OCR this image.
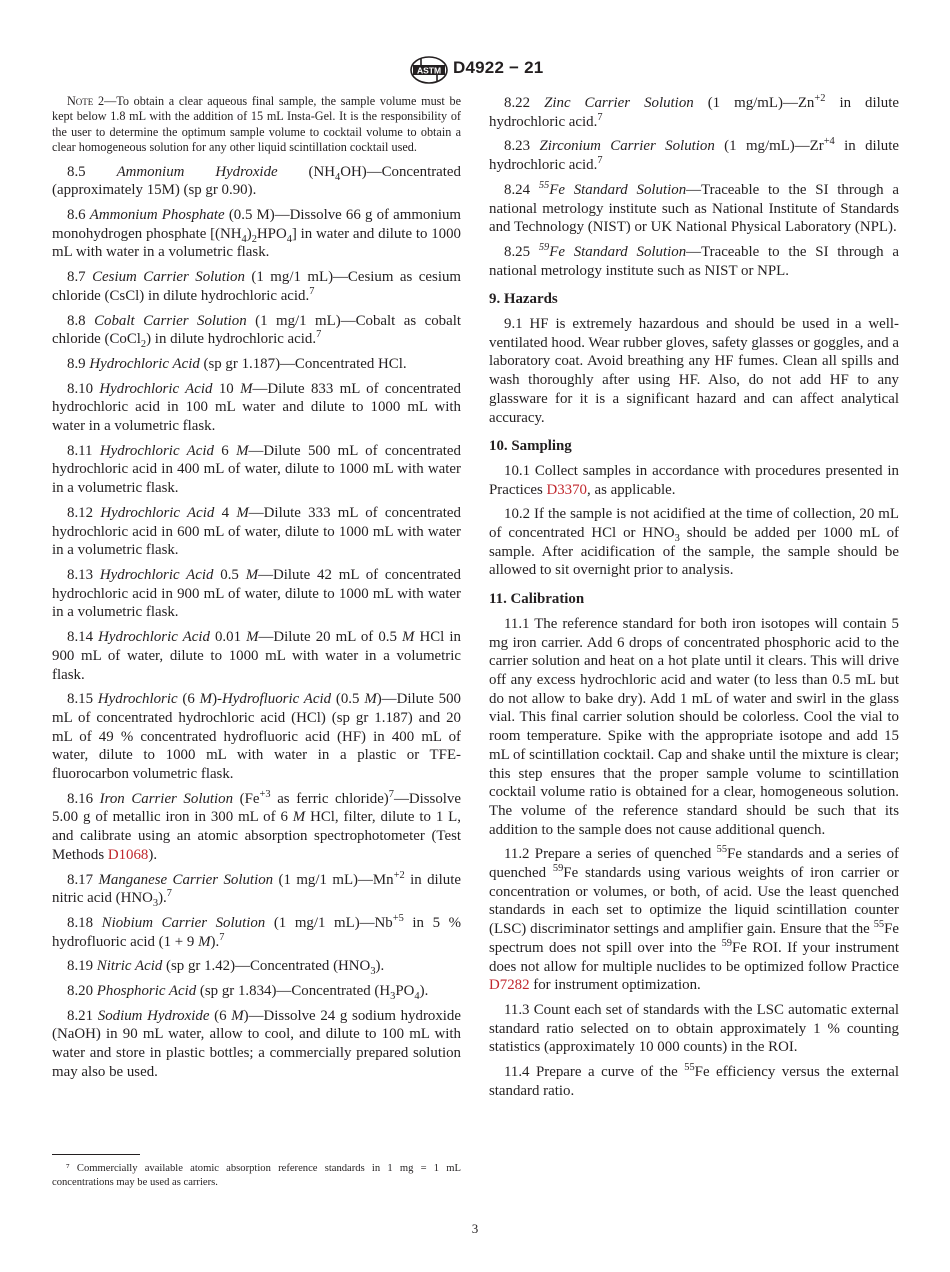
ASTM D4922 − 21

Note 2—To obtain a clear aqueous final sample, the sample volume must be kept below 1.8 mL with the addition of 15 mL Insta-Gel. It is the responsibility of the user to determine the optimum sample volume to cocktail volume to obtain a clear homogeneous solution for any other liquid scintillation cocktail used.

8.5 Ammonium Hydroxide $(NH_4OH)—Concentrated$ (approximately 15M) (sp gr 0.90).

8.6 Ammonium Phosphate (0.5 M)—Dissolve 66 g of ammonium monohydrogen phosphate $[(NH_4)_2HPO_4]$ in water and dilute to 1000 mL with water in a volumetric flask.

8.7 Cesium Carrier Solution (1 mg/1 mL)—Cesium as cesium chloride (CsCl) in dilute hydrochloric acid.$^7$

8.8 Cobalt Carrier Solution (1 mg/1 mL)—Cobalt as cobalt chloride (CoCl$_2$) in dilute hydrochloric acid.$^7$

8.9 Hydrochloric Acid (sp gr 1.187)—Concentrated HCl.

8.10 Hydrochloric Acid 10 M—Dilute 833 mL of concentrated hydrochloric acid in 100 mL water and dilute to 1000 mL with water in a volumetric flask.

8.11 Hydrochloric Acid 6 M—Dilute 500 mL of concentrated hydrochloric acid in 400 mL of water, dilute to 1000 mL with water in a volumetric flask.

8.12 Hydrochloric Acid 4 M—Dilute 333 mL of concentrated hydrochloric acid in 600 mL of water, dilute to 1000 mL with water in a volumetric flask.

8.13 Hydrochloric Acid 0.5 M—Dilute 42 mL of concentrated hydrochloric acid in 900 mL of water, dilute to 1000 mL with water in a volumetric flask.

8.14 Hydrochloric Acid 0.01 M—Dilute 20 mL of 0.5 M HCl in 900 mL of water, dilute to 1000 mL with water in a volumetric flask.

8.15 Hydrochloric (6 M)-Hydrofluoric Acid (0.5 M)—Dilute 500 mL of concentrated hydrochloric acid (HCl) (sp gr 1.187) and 20 mL of 49 % concentrated hydrofluoric acid (HF) in 400 mL of water, dilute to 1000 mL with water in a plastic or TFE-fluorocarbon volumetric flask.

8.16 Iron Carrier Solution ($Fe^{+3}$ as ferric chloride)$^7$—Dissolve 5.00 g of metallic iron in 300 mL of 6 M HCl, filter, dilute to 1 L, and calibrate using an atomic absorption spectrophotometer (Test Methods D1068).

8.17 Manganese Carrier Solution (1 mg/1 $mL)—Mn^{+2}$ in dilute nitric acid $(HNO_3).^7$

8.18 Niobium Carrier Solution (1 mg/1 $mL)—Nb^{+5}$ in 5 % hydrofluoric acid (1 + 9 M).$^7$

8.19 Nitric Acid (sp gr 1.42)—Concentrated $(HNO_3)$.

8.20 Phosphoric Acid (sp gr 1.834)—Concentrated $(H_3PO_4)$.

8.21 Sodium Hydroxide (6 M)—Dissolve 24 g sodium hydroxide (NaOH) in 90 mL water, allow to cool, and dilute to 100 mL with water and store in plastic bottles; a commercially prepared solution may also be used.

8.22 Zinc Carrier Solution (1 $mg/mL)—Zn^{+2}$ in dilute hydrochloric acid.$^7$

8.23 Zirconium Carrier Solution (1 $mg/mL)—Zr^{+4}$ in dilute hydrochloric acid.$^7$

8.24 $^{55}$Fe Standard Solution—Traceable to the SI through a national metrology institute such as National Institute of Standards and Technology (NIST) or UK National Physical Laboratory (NPL).

8.25 $^{59}$Fe Standard Solution—Traceable to the SI through a national metrology institute such as NIST or NPL.

9. Hazards

9.1 HF is extremely hazardous and should be used in a well-ventilated hood. Wear rubber gloves, safety glasses or goggles, and a laboratory coat. Avoid breathing any HF fumes. Clean all spills and wash thoroughly after using HF. Also, do not add HF to any glassware for it is a significant hazard and can affect analytical accuracy.

10. Sampling

10.1 Collect samples in accordance with procedures presented in Practices D3370, as applicable.

10.2 If the sample is not acidified at the time of collection, 20 mL of concentrated HCl or $HNO_3$ should be added per 1000 mL of sample. After acidification of the sample, the sample should be allowed to sit overnight prior to analysis.

11. Calibration

11.1 The reference standard for both iron isotopes will contain 5 mg iron carrier. Add 6 drops of concentrated phosphoric acid to the carrier solution and heat on a hot plate until it clears. This will drive off any excess hydrochloric acid and water (to less than 0.5 mL but do not allow to bake dry). Add 1 mL of water and swirl in the glass vial. This final carrier solution should be colorless. Cool the vial to room temperature. Spike with the appropriate isotope and add 15 mL of scintillation cocktail. Cap and shake until the mixture is clear; this step ensures that the proper sample volume to scintillation cocktail volume ratio is obtained for a clear, homogeneous solution. The volume of the reference standard should be such that its addition to the sample does not cause additional quench.

11.2 Prepare a series of quenched $^{55}$Fe standards and a series of quenched $^{59}$Fe standards using various weights of iron carrier or concentration or volumes, or both, of acid. Use the least quenched standards in each set to optimize the liquid scintillation counter (LSC) discriminator settings and amplifier gain. Ensure that the $^{55}$Fe spectrum does not spill over into the $^{59}$Fe ROI. If your instrument does not allow for multiple nuclides to be optimized follow Practice D7282 for instrument optimization.

11.3 Count each set of standards with the LSC automatic external standard ratio selected on to obtain approximately 1 % counting statistics (approximately 10 000 counts) in the ROI.

11.4 Prepare a curve of the $^{55}$Fe efficiency versus the external standard ratio.

⁷ Commercially available atomic absorption reference standards in 1 mg = 1 mL concentrations may be used as carriers.
3
